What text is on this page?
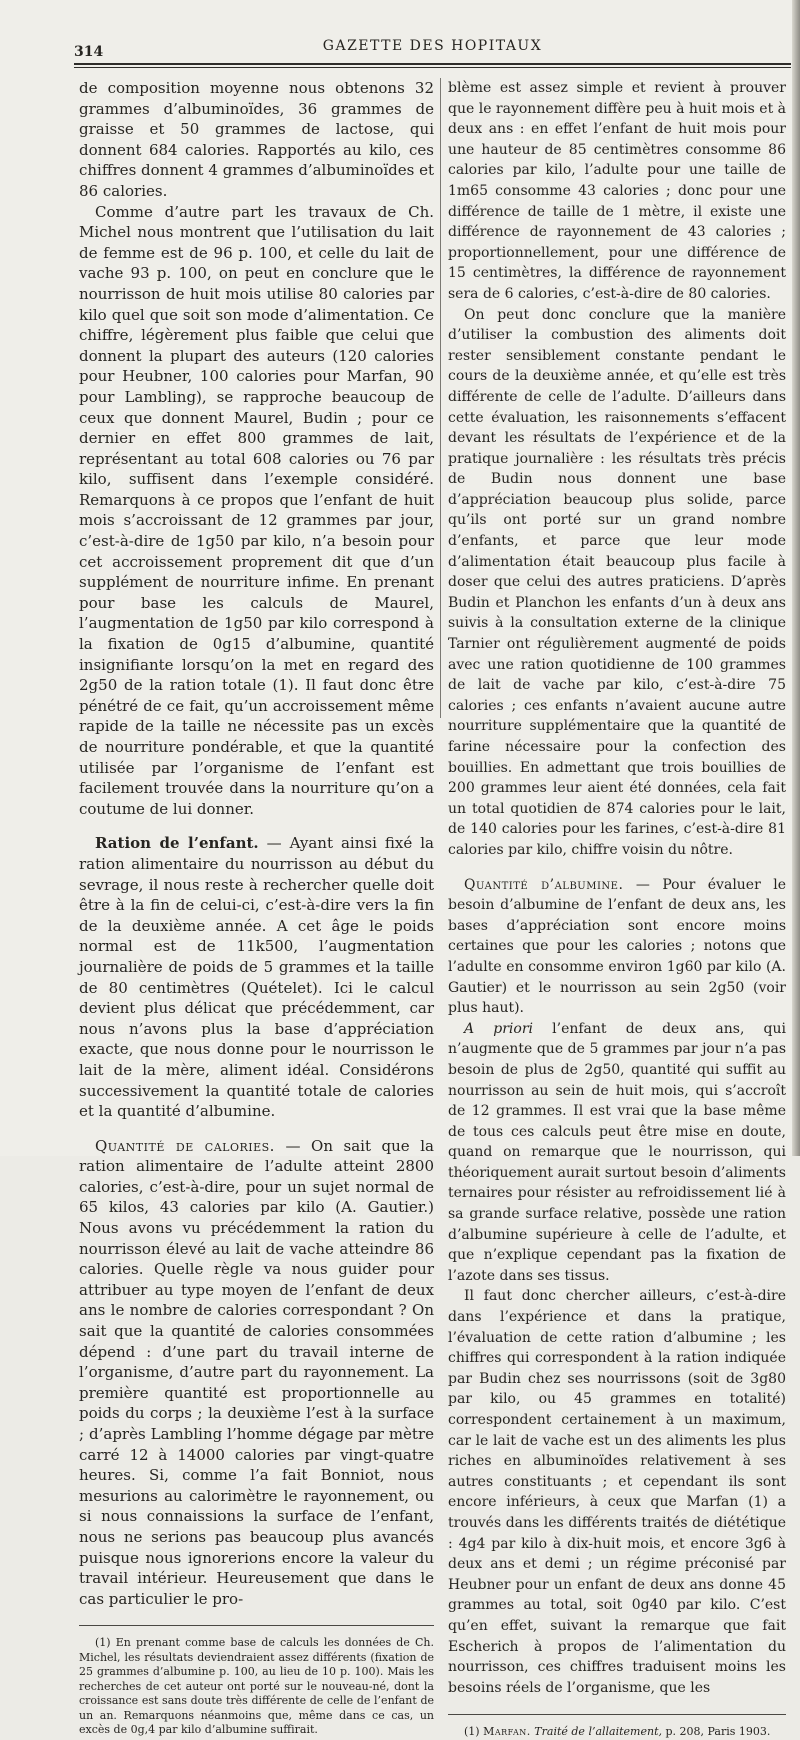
314	GAZETTE DES HOPITAUX

de composition moyenne nous obtenons 32 grammes d’albuminoïdes, 36 grammes de graisse et 50 grammes de lactose, qui donnent 684 calories. Rapportés au kilo, ces chiffres donnent 4 grammes d’albuminoïdes et 86 calories.

Comme d’autre part les travaux de Ch. Michel nous montrent que l’utilisation du lait de femme est de 96 p. 100, et celle du lait de vache 93 p. 100, on peut en conclure que le nourrisson de huit mois utilise 80 calories par kilo quel que soit son mode d’alimentation. Ce chiffre, légèrement plus faible que celui que donnent la plupart des auteurs (120 calories pour Heubner, 100 calories pour Marfan, 90 pour Lambling), se rapproche beaucoup de ceux que donnent Maurel, Budin ; pour ce dernier en effet 800 grammes de lait, représentant au total 608 calories ou 76 par kilo, suffisent dans l’exemple considéré. Remarquons à ce propos que l’enfant de huit mois s’accroissant de 12 grammes par jour, c’est-à-dire de 1g50 par kilo, n’a besoin pour cet accroissement proprement dit que d’un supplément de nourriture infime. En prenant pour base les calculs de Maurel, l’augmentation de 1g50 par kilo correspond à la fixation de 0g15 d’albumine, quantité insignifiante lorsqu’on la met en regard des 2g50 de la ration totale (1). Il faut donc être pénétré de ce fait, qu’un accroissement même rapide de la taille ne nécessite pas un excès de nourriture pondérable, et que la quantité utilisée par l’organisme de l’enfant est facilement trouvée dans la nourriture qu’on a coutume de lui donner.

Ration de l’enfant. — Ayant ainsi fixé la ration alimentaire du nourrisson au début du sevrage, il nous reste à rechercher quelle doit être à la fin de celui-ci, c’est-à-dire vers la fin de la deuxième année. A cet âge le poids normal est de 11k500, l’augmentation journalière de poids de 5 grammes et la taille de 80 centimètres (Quételet). Ici le calcul devient plus délicat que précédemment, car nous n’avons plus la base d’appréciation exacte, que nous donne pour le nourrisson le lait de la mère, aliment idéal. Considérons successivement la quantité totale de calories et la quantité d’albumine.

Quantité de calories. — On sait que la ration alimentaire de l’adulte atteint 2800 calories, c’est-à-dire, pour un sujet normal de 65 kilos, 43 calories par kilo (A. Gautier.) Nous avons vu précédemment la ration du nourrisson élevé au lait de vache atteindre 86 calories. Quelle règle va nous guider pour attribuer au type moyen de l’enfant de deux ans le nombre de calories correspondant ? On sait que la quantité de calories consommées dépend : d’une part du travail interne de l’organisme, d’autre part du rayonnement. La première quantité est proportionnelle au poids du corps ; la deuxième l’est à la surface ; d’après Lambling l’homme dégage par mètre carré 12 à 14000 calories par vingt-quatre heures. Si, comme l’a fait Bonniot, nous mesurions au calorimètre le rayonnement, ou si nous connaissions la surface de l’enfant, nous ne serions pas beaucoup plus avancés puisque nous ignorerions encore la valeur du travail intérieur. Heureusement que dans le cas particulier le pro-

(1) En prenant comme base de calculs les données de Ch. Michel, les résultats deviendraient assez différents (fixation de 25 grammes d’albumine p. 100, au lieu de 10 p. 100). Mais les recherches de cet auteur ont porté sur le nouveau-né, dont la croissance est sans doute très différente de celle de l’enfant de un an. Remarquons néanmoins que, même dans ce cas, un excès de 0g,4 par kilo d’albumine suffirait.

blème est assez simple et revient à prouver que le rayonnement diffère peu à huit mois et à deux ans : en effet l’enfant de huit mois pour une hauteur de 85 centimètres consomme 86 calories par kilo, l’adulte pour une taille de 1m65 consomme 43 calories ; donc pour une différence de taille de 1 mètre, il existe une différence de rayonnement de 43 calories ; proportionnellement, pour une différence de 15 centimètres, la différence de rayonnement sera de 6 calories, c’est-à-dire de 80 calories.

On peut donc conclure que la manière d’utiliser la combustion des aliments doit rester sensiblement constante pendant le cours de la deuxième année, et qu’elle est très différente de celle de l’adulte. D’ailleurs dans cette évaluation, les raisonnements s’effacent devant les résultats de l’expérience et de la pratique journalière : les résultats très précis de Budin nous donnent une base d’appréciation beaucoup plus solide, parce qu’ils ont porté sur un grand nombre d’enfants, et parce que leur mode d’alimentation était beaucoup plus facile à doser que celui des autres praticiens. D’après Budin et Planchon les enfants d’un à deux ans suivis à la consultation externe de la clinique Tarnier ont régulièrement augmenté de poids avec une ration quotidienne de 100 grammes de lait de vache par kilo, c’est-à-dire 75 calories ; ces enfants n’avaient aucune autre nourriture supplémentaire que la quantité de farine nécessaire pour la confection des bouillies. En admettant que trois bouillies de 200 grammes leur aient été données, cela fait un total quotidien de 874 calories pour le lait, de 140 calories pour les farines, c’est-à-dire 81 calories par kilo, chiffre voisin du nôtre.

Quantité d’albumine. — Pour évaluer le besoin d’albumine de l’enfant de deux ans, les bases d’appréciation sont encore moins certaines que pour les calories ; notons que l’adulte en consomme environ 1g60 par kilo (A. Gautier) et le nourrisson au sein 2g50 (voir plus haut).

A priori l’enfant de deux ans, qui n’augmente que de 5 grammes par jour n’a pas besoin de plus de 2g50, quantité qui suffit au nourrisson au sein de huit mois, qui s’accroît de 12 grammes. Il est vrai que la base même de tous ces calculs peut être mise en doute, quand on remarque que le nourrisson, qui théoriquement aurait surtout besoin d’aliments ternaires pour résister au refroidissement lié à sa grande surface relative, possède une ration d’albumine supérieure à celle de l’adulte, et que n’explique cependant pas la fixation de l’azote dans ses tissus.

Il faut donc chercher ailleurs, c’est-à-dire dans l’expérience et dans la pratique, l’évaluation de cette ration d’albumine ; les chiffres qui correspondent à la ration indiquée par Budin chez ses nourrissons (soit de 3g80 par kilo, ou 45 grammes en totalité) correspondent certainement à un maximum, car le lait de vache est un des aliments les plus riches en albuminoïdes relativement à ses autres constituants ; et cependant ils sont encore inférieurs, à ceux que Marfan (1) a trouvés dans les différents traités de diététique : 4g4 par kilo à dix-huit mois, et encore 3g6 à deux ans et demi ; un régime préconisé par Heubner pour un enfant de deux ans donne 45 grammes au total, soit 0g40 par kilo. C’est qu’en effet, suivant la remarque que fait Escherich à propos de l’alimentation du nourrisson, ces chiffres traduisent moins les besoins réels de l’organisme, que les

(1) Marfan. Traité de l’allaitement, p. 208, Paris 1903.
